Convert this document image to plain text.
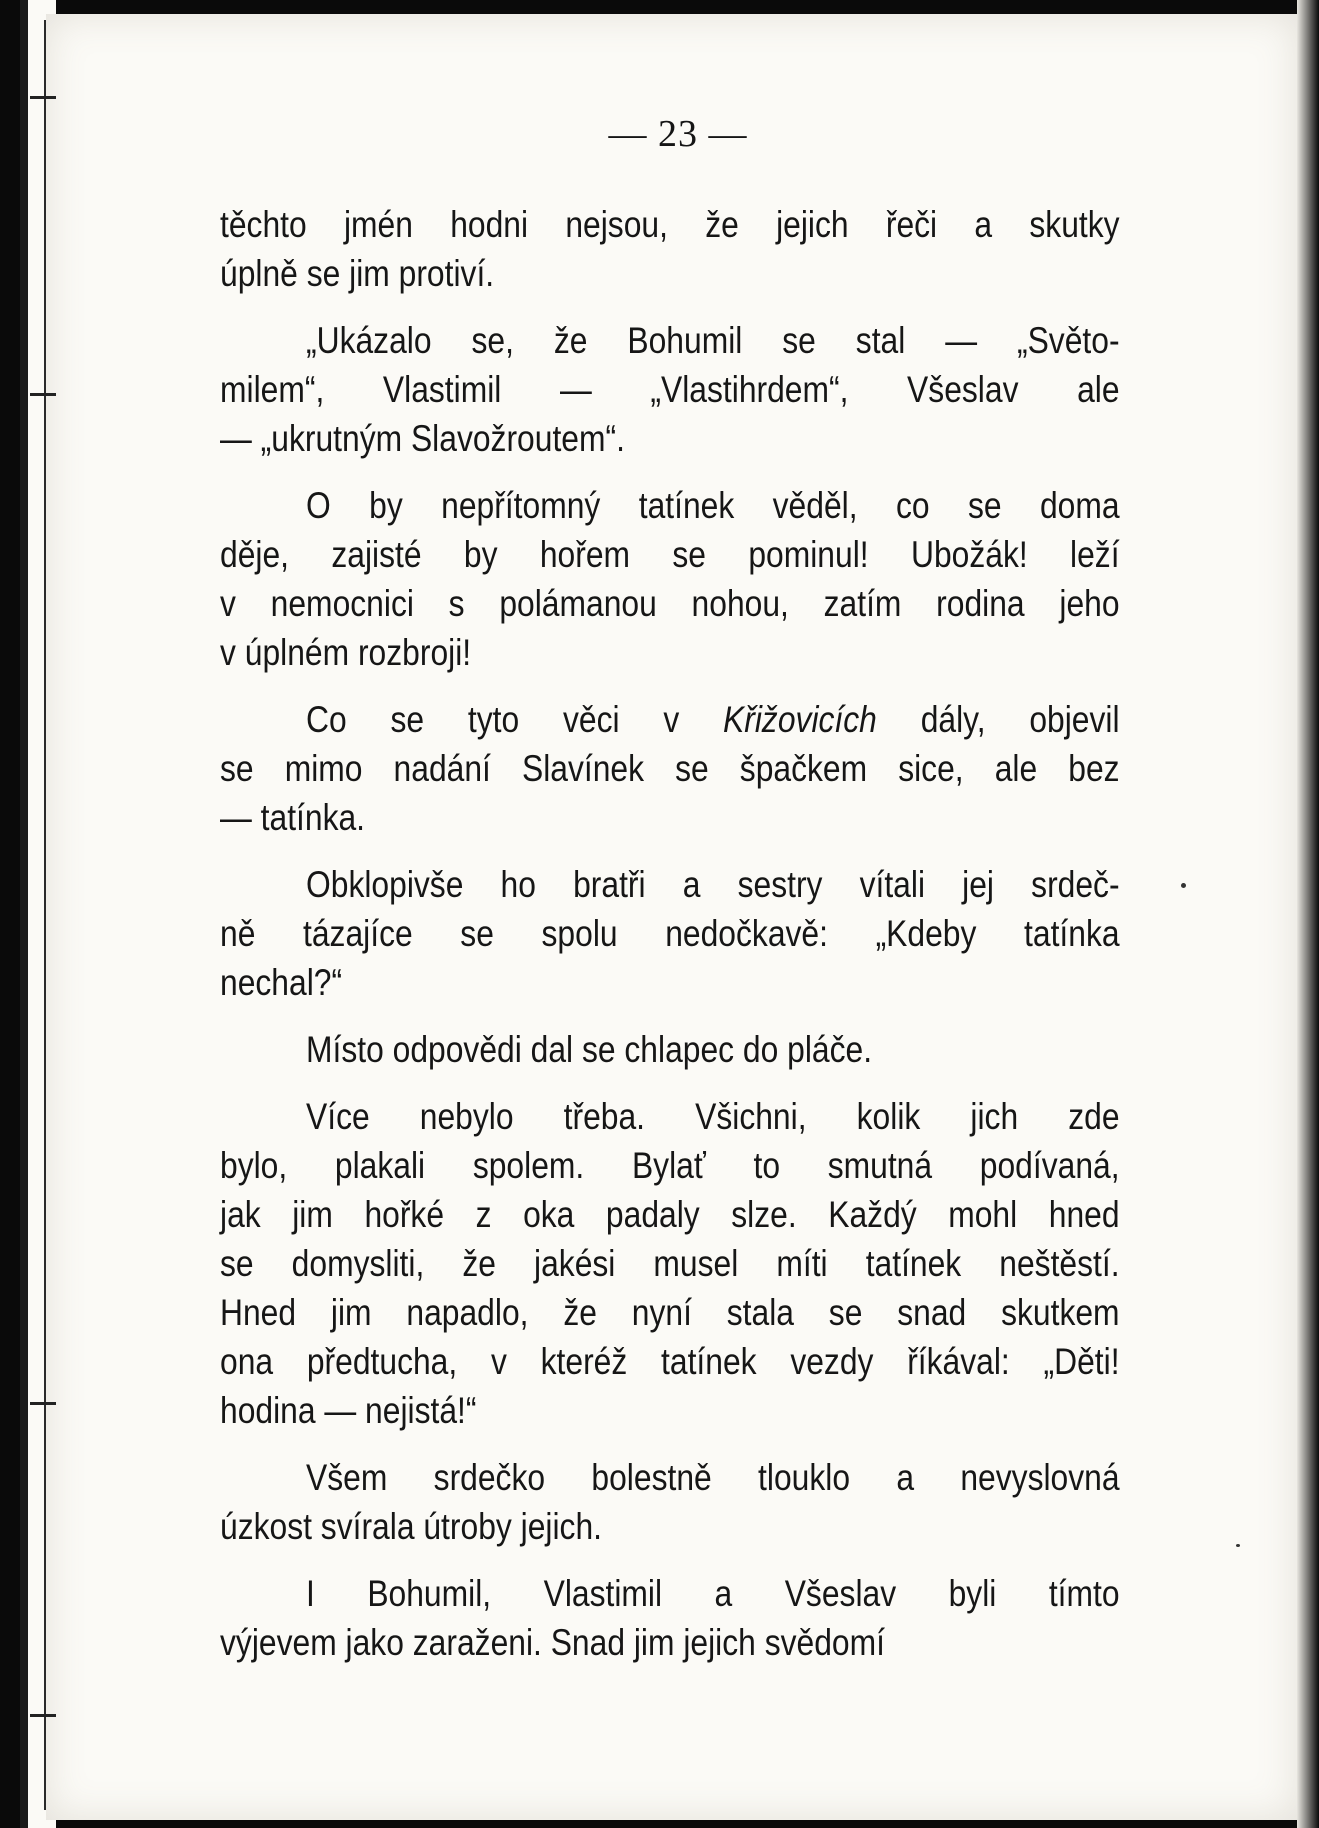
— 23 —
těchto jmén hodni nejsou, že jejich řeči a skutky
úplně se jim protiví.
„Ukázalo se, že Bohumil se stal — „Světo-
milem“, Vlastimil — „Vlastihrdem“, Všeslav ale
— „ukrutným Slavožroutem“.
O by nepřítomný tatínek věděl, co se doma
děje, zajisté by hořem se pominul! Ubožák! leží
v nemocnici s polámanou nohou, zatím rodina jeho
v úplném rozbroji!
Co se tyto věci v Křižovicích dály, objevil
se mimo nadání Slavínek se špačkem sice, ale bez
— tatínka.
Obklopivše ho bratři a sestry vítali jej srdeč-
ně tázajíce se spolu nedočkavě: „Kdeby tatínka
nechal?“
Místo odpovědi dal se chlapec do pláče.
Více nebylo třeba. Všichni, kolik jich zde
bylo, plakali spolem. Bylať to smutná podívaná,
jak jim hořké z oka padaly slze. Každý mohl hned
se domysliti, že jakési musel míti tatínek neštěstí.
Hned jim napadlo, že nyní stala se snad skutkem
ona předtucha, v kteréž tatínek vezdy říkával: „Děti!
hodina — nejistá!“
Všem srdečko bolestně tlouklo a nevyslovná
úzkost svírala útroby jejich.
I Bohumil, Vlastimil a Všeslav byli tímto
výjevem jako zaraženi. Snad jim jejich svědomí
